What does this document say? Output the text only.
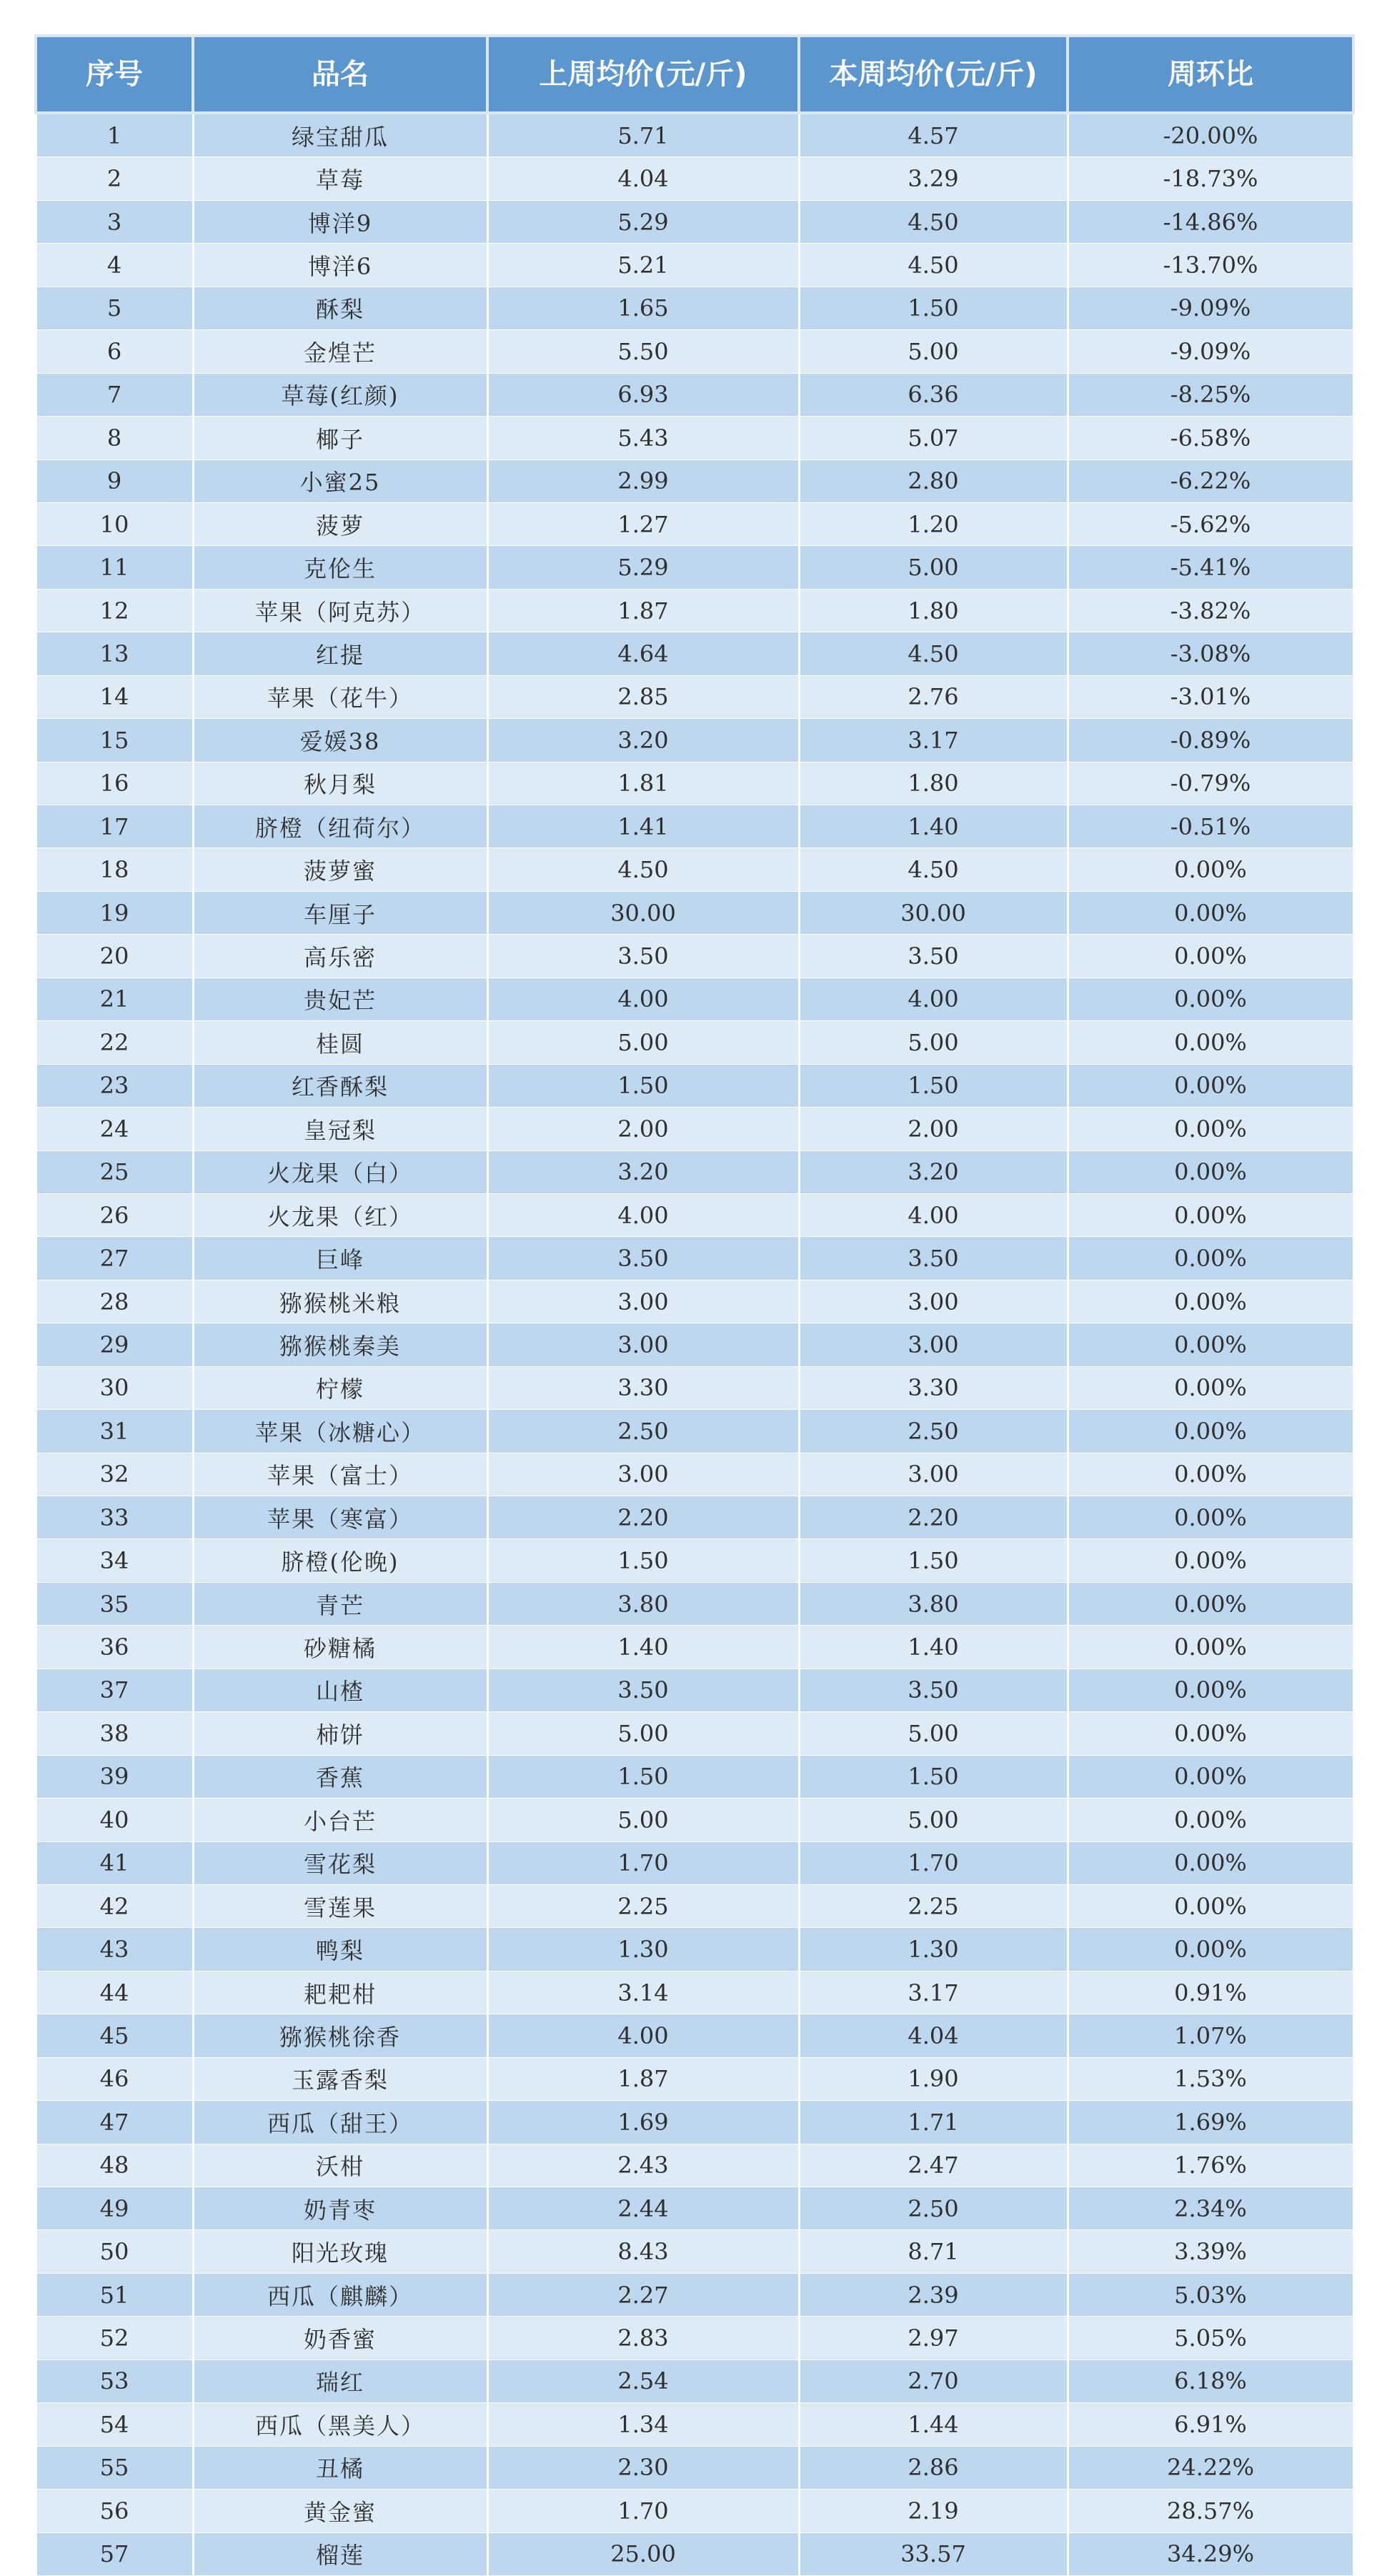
序号	品名	上周均价(元/斤)	本周均价(元/斤)	周环比
1	绿宝甜瓜	5.71	4.57	-20.00%
2	草莓	4.04	3.29	-18.73%
3	博洋9	5.29	4.50	-14.86%
4	博洋6	5.21	4.50	-13.70%
5	酥梨	1.65	1.50	-9.09%
6	金煌芒	5.50	5.00	-9.09%
7	草莓(红颜)	6.93	6.36	-8.25%
8	椰子	5.43	5.07	-6.58%
9	小蜜25	2.99	2.80	-6.22%
10	菠萝	1.27	1.20	-5.62%
11	克伦生	5.29	5.00	-5.41%
12	苹果（阿克苏）	1.87	1.80	-3.82%
13	红提	4.64	4.50	-3.08%
14	苹果（花牛）	2.85	2.76	-3.01%
15	爱媛38	3.20	3.17	-0.89%
16	秋月梨	1.81	1.80	-0.79%
17	脐橙（纽荷尔）	1.41	1.40	-0.51%
18	菠萝蜜	4.50	4.50	0.00%
19	车厘子	30.00	30.00	0.00%
20	高乐密	3.50	3.50	0.00%
21	贵妃芒	4.00	4.00	0.00%
22	桂圆	5.00	5.00	0.00%
23	红香酥梨	1.50	1.50	0.00%
24	皇冠梨	2.00	2.00	0.00%
25	火龙果（白）	3.20	3.20	0.00%
26	火龙果（红）	4.00	4.00	0.00%
27	巨峰	3.50	3.50	0.00%
28	猕猴桃米粮	3.00	3.00	0.00%
29	猕猴桃秦美	3.00	3.00	0.00%
30	柠檬	3.30	3.30	0.00%
31	苹果（冰糖心）	2.50	2.50	0.00%
32	苹果（富士）	3.00	3.00	0.00%
33	苹果（寒富）	2.20	2.20	0.00%
34	脐橙(伦晚)	1.50	1.50	0.00%
35	青芒	3.80	3.80	0.00%
36	砂糖橘	1.40	1.40	0.00%
37	山楂	3.50	3.50	0.00%
38	柿饼	5.00	5.00	0.00%
39	香蕉	1.50	1.50	0.00%
40	小台芒	5.00	5.00	0.00%
41	雪花梨	1.70	1.70	0.00%
42	雪莲果	2.25	2.25	0.00%
43	鸭梨	1.30	1.30	0.00%
44	耙耙柑	3.14	3.17	0.91%
45	猕猴桃徐香	4.00	4.04	1.07%
46	玉露香梨	1.87	1.90	1.53%
47	西瓜（甜王）	1.69	1.71	1.69%
48	沃柑	2.43	2.47	1.76%
49	奶青枣	2.44	2.50	2.34%
50	阳光玫瑰	8.43	8.71	3.39%
51	西瓜（麒麟）	2.27	2.39	5.03%
52	奶香蜜	2.83	2.97	5.05%
53	瑞红	2.54	2.70	6.18%
54	西瓜（黑美人）	1.34	1.44	6.91%
55	丑橘	2.30	2.86	24.22%
56	黄金蜜	1.70	2.19	28.57%
57	榴莲	25.00	33.57	34.29%
